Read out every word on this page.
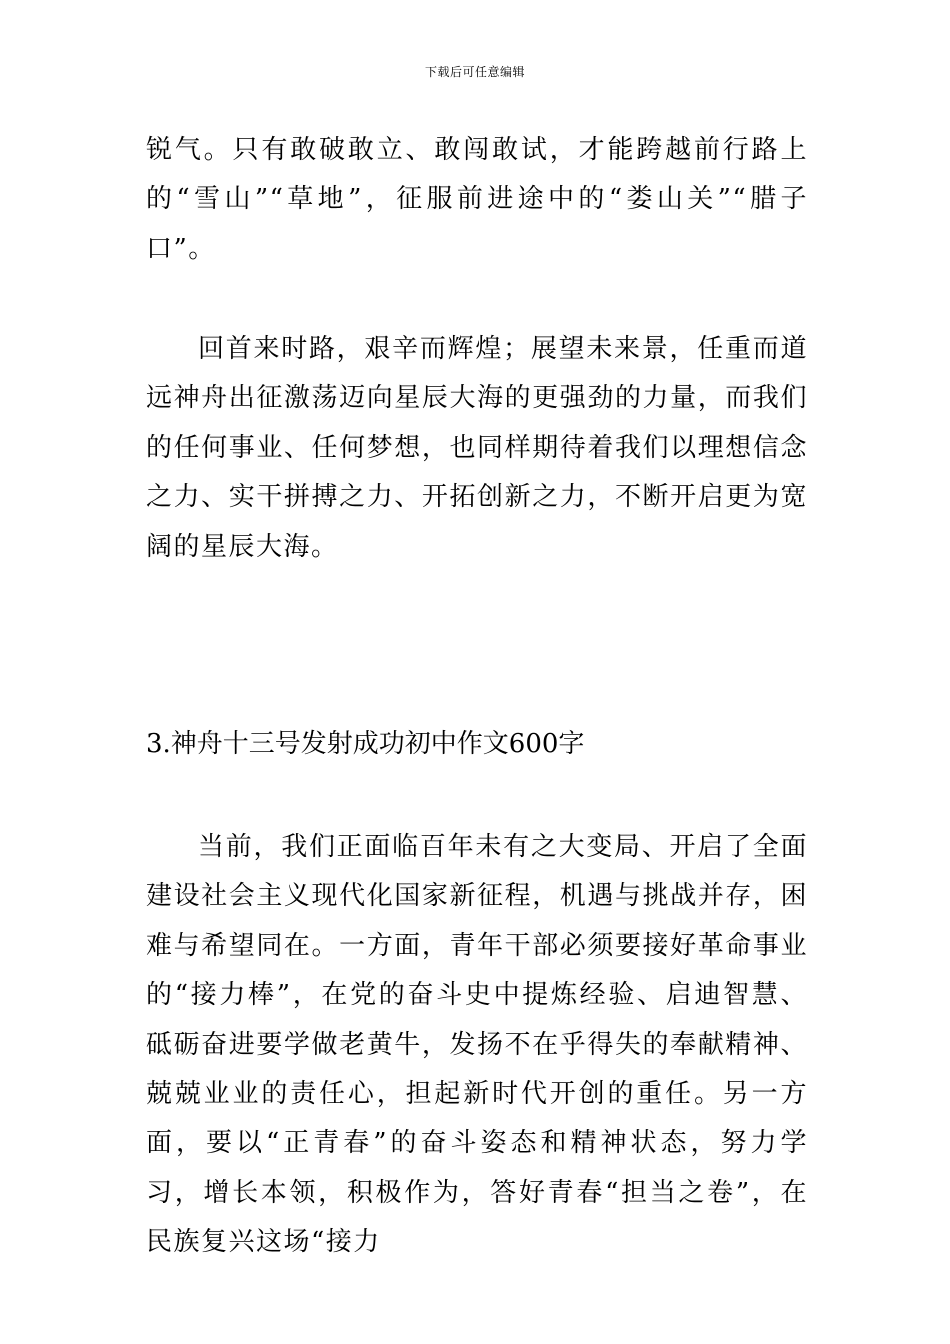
下载后可任意编辑

锐气。只有敢破敢立、敢闯敢试，才能跨越前行路上的“雪山”“草地”，征服前进途中的“娄山关”“腊子口”。

回首来时路，艰辛而辉煌；展望未来景，任重而道远神舟出征激荡迈向星辰大海的更强劲的力量，而我们的任何事业、任何梦想，也同样期待着我们以理想信念之力、实干拼搏之力、开拓创新之力，不断开启更为宽阔的星辰大海。

3.神舟十三号发射成功初中作文600字

当前，我们正面临百年未有之大变局、开启了全面建设社会主义现代化国家新征程，机遇与挑战并存，困难与希望同在。一方面，青年干部必须要接好革命事业的“接力棒”，在党的奋斗史中提炼经验、启迪智慧、砥砺奋进要学做老黄牛，发扬不在乎得失的奉献精神、兢兢业业的责任心，担起新时代开创的重任。另一方面，要以“正青春”的奋斗姿态和精神状态，努力学习，增长本领，积极作为，答好青春“担当之卷”，在民族复兴这场“接力
